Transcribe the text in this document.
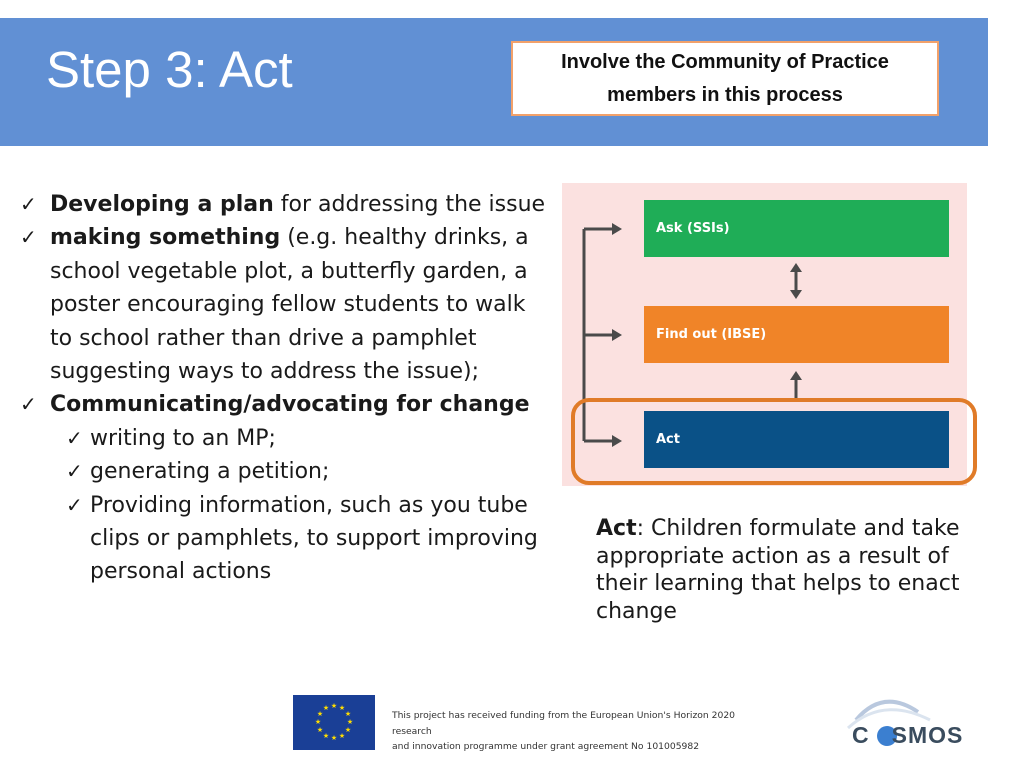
Step 3: Act	Involve the Community of Practice members in this process
✓ Developing a plan for addressing the issue
✓ making something (e.g. healthy drinks, a school vegetable plot, a butterfly garden, a poster encouraging fellow students to walk to school rather than drive a pamphlet suggesting ways to address the issue);
✓ Communicating/advocating for change
✓ writing to an MP;
✓ generating a petition;
✓ Providing information, such as you tube clips or pamphlets, to support improving personal actions
Ask (SSIs)
Find out (IBSE)
Act
Act: Children formulate and take appropriate action as a result of their learning that helps to enact change
★ ★
★
★
★
★
★
★
★
★
★
★
This project has received funding from the European Union's Horizon 2020 research
and innovation programme under grant agreement No 101005982	C SMOS
